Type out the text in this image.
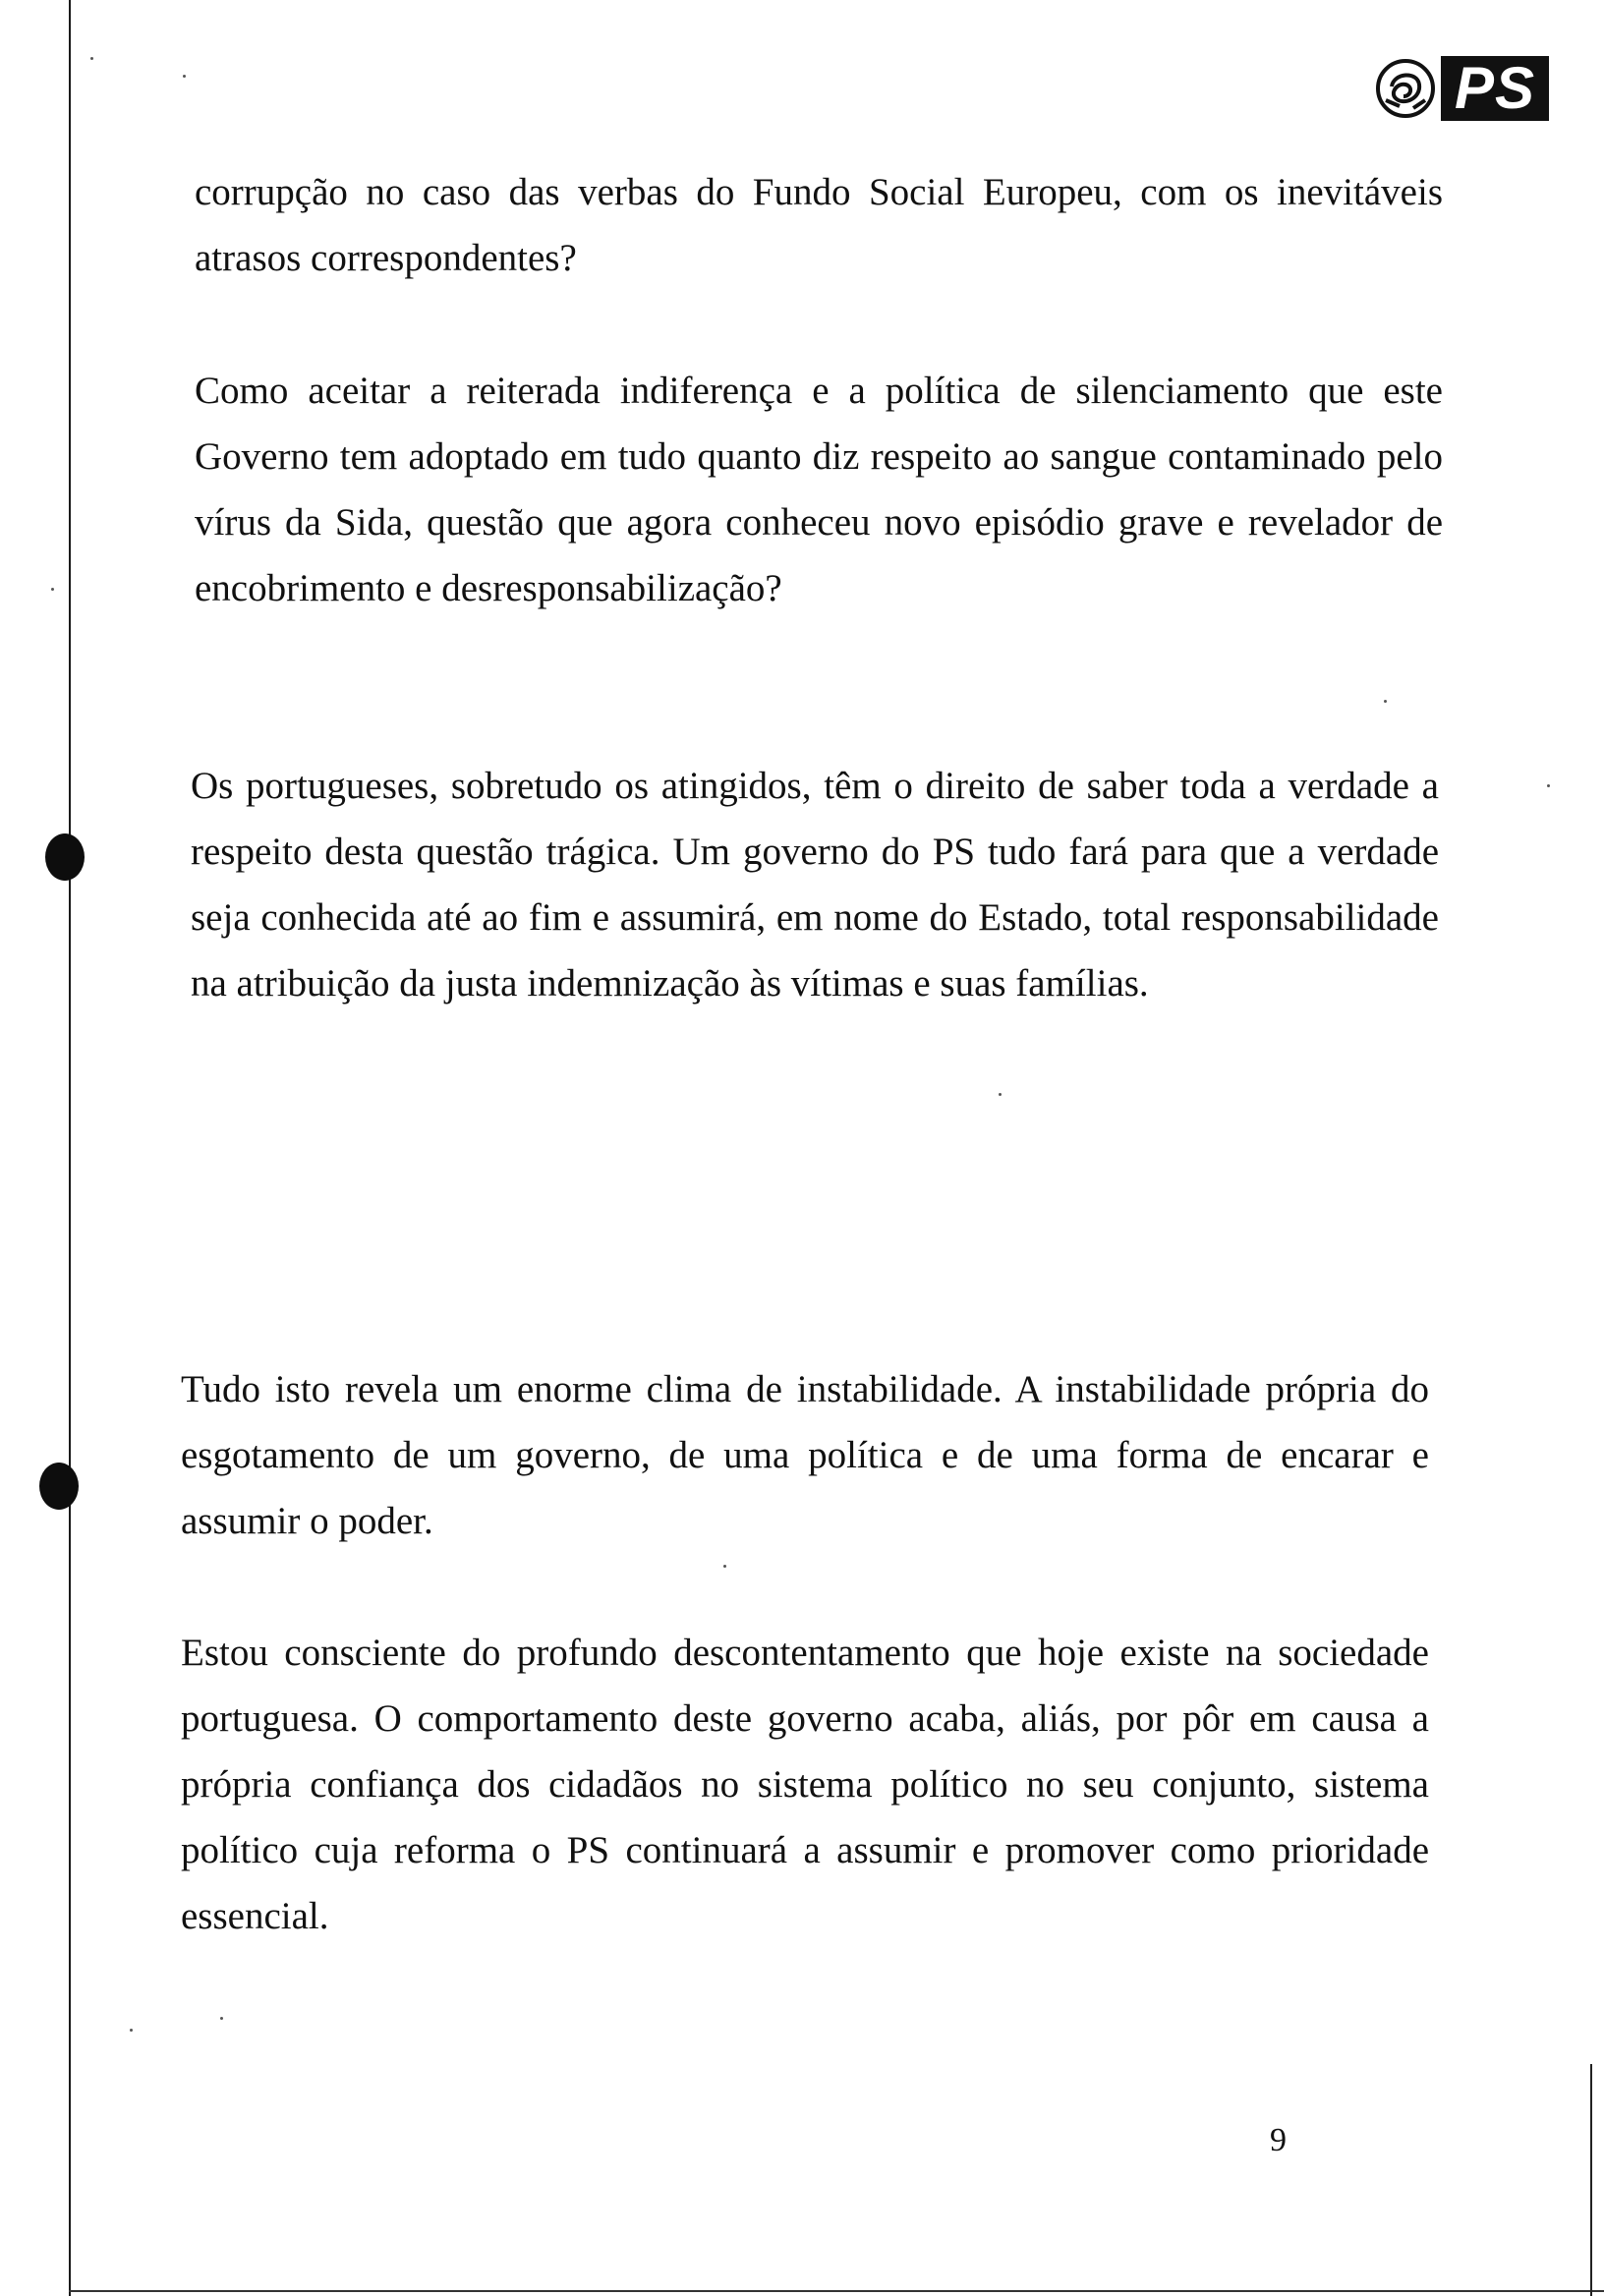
PS

corrupção no caso das verbas do Fundo Social Europeu, com os inevitáveis atrasos correspondentes?

Como aceitar a reiterada indiferença e a política de silenciamento que este Governo tem adoptado em tudo quanto diz respeito ao sangue contaminado pelo vírus da Sida, questão que agora conheceu novo episódio grave e revelador de encobrimento e desresponsabilização?

Os portugueses, sobretudo os atingidos, têm o direito de saber toda a verdade a respeito desta questão trágica. Um governo do PS tudo fará para que a verdade seja conhecida até ao fim e assumirá, em nome do Estado, total responsabilidade na atribuição da justa indemnização às vítimas e suas famílias.

Tudo isto revela um enorme clima de instabilidade. A instabilidade própria do esgotamento de um governo, de uma política e de uma forma de encarar e assumir o poder.

Estou consciente do profundo descontentamento que hoje existe na sociedade portuguesa. O comportamento deste governo acaba, aliás, por pôr em causa a própria confiança dos cidadãos no sistema político no seu conjunto, sistema político cuja reforma o PS continuará a assumir e promover como prioridade essencial.

9
